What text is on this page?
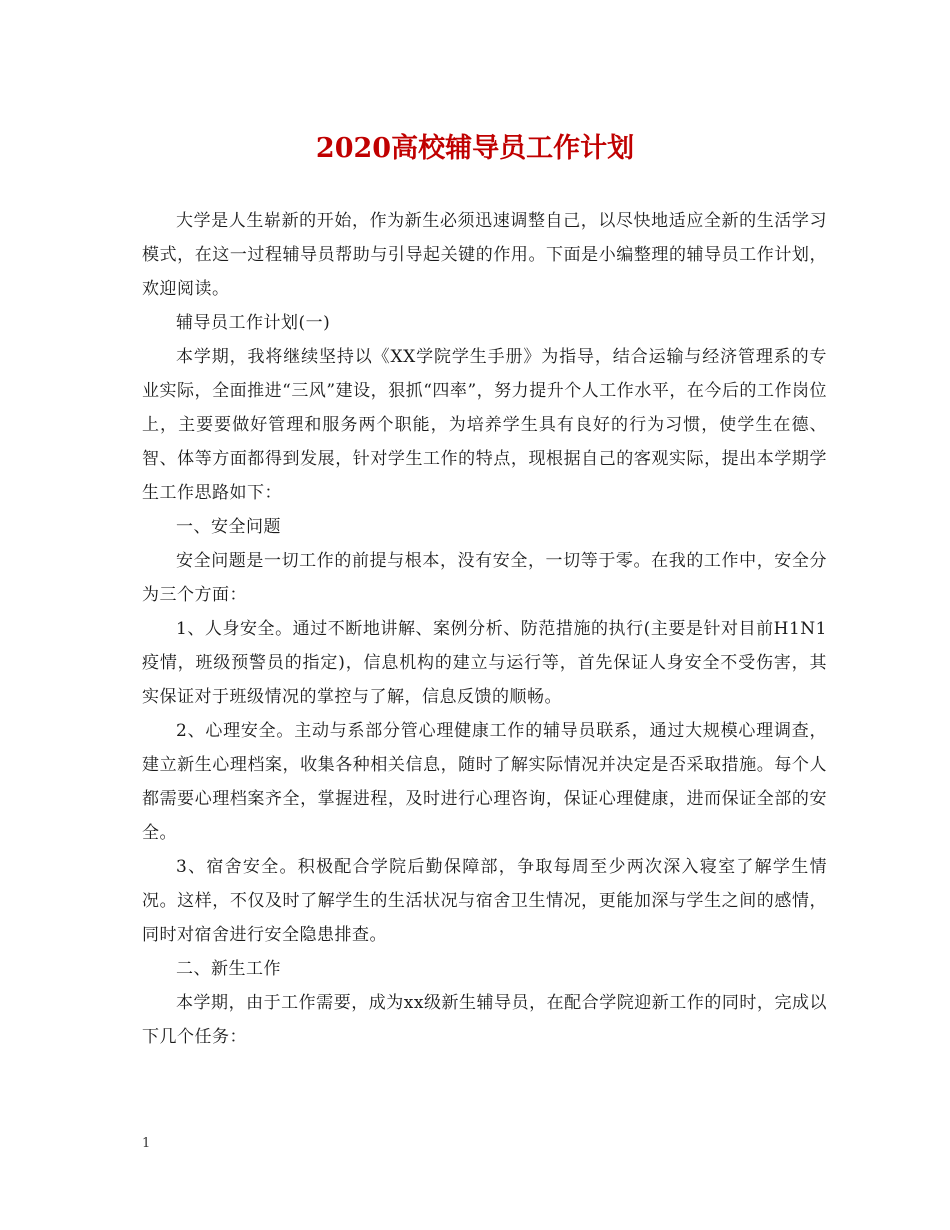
2020高校辅导员工作计划

大学是人生崭新的开始，作为新生必须迅速调整自己，以尽快地适应全新的生活学习模式，在这一过程辅导员帮助与引导起关键的作用。下面是小编整理的辅导员工作计划，欢迎阅读。

辅导员工作计划(一)

本学期，我将继续坚持以《XX学院学生手册》为指导，结合运输与经济管理系的专业实际，全面推进“三风”建设，狠抓“四率”，努力提升个人工作水平，在今后的工作岗位上，主要要做好管理和服务两个职能，为培养学生具有良好的行为习惯，使学生在德、智、体等方面都得到发展，针对学生工作的特点，现根据自己的客观实际，提出本学期学生工作思路如下：

一、安全问题

安全问题是一切工作的前提与根本，没有安全，一切等于零。在我的工作中，安全分为三个方面：

1、人身安全。通过不断地讲解、案例分析、防范措施的执行(主要是针对目前H1N1疫情，班级预警员的指定)，信息机构的建立与运行等，首先保证人身安全不受伤害，其实保证对于班级情况的掌控与了解，信息反馈的顺畅。

2、心理安全。主动与系部分管心理健康工作的辅导员联系，通过大规模心理调查，建立新生心理档案，收集各种相关信息，随时了解实际情况并决定是否采取措施。每个人都需要心理档案齐全，掌握进程，及时进行心理咨询，保证心理健康，进而保证全部的安全。

3、宿舍安全。积极配合学院后勤保障部，争取每周至少两次深入寝室了解学生情况。这样，不仅及时了解学生的生活状况与宿舍卫生情况，更能加深与学生之间的感情，同时对宿舍进行安全隐患排查。

二、新生工作

本学期，由于工作需要，成为xx级新生辅导员，在配合学院迎新工作的同时，完成以下几个任务：

1
